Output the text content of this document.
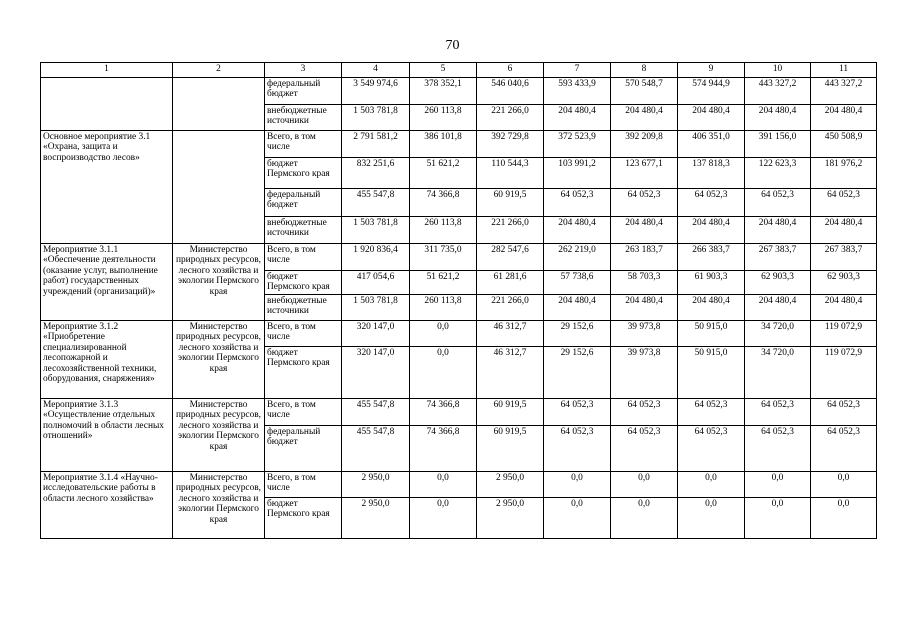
70
1	2	3	4	5	6	7	8	9	10	11
		федеральный бюджет	3 549 974,6	378 352,1	546 040,6	593 433,9	570 548,7	574 944,9	443 327,2	443 327,2
		внебюджетные источники	1 503 781,8	260 113,8	221 266,0	204 480,4	204 480,4	204 480,4	204 480,4	204 480,4
Основное мероприятие 3.1 «Охрана, защита и воспроизводство лесов»		Всего, в том числе	2 791 581,2	386 101,8	392 729,8	372 523,9	392 209,8	406 351,0	391 156,0	450 508,9
		бюджет Пермского края	832 251,6	51 621,2	110 544,3	103 991,2	123 677,1	137 818,3	122 623,3	181 976,2
		федеральный бюджет	455 547,8	74 366,8	60 919,5	64 052,3	64 052,3	64 052,3	64 052,3	64 052,3
		внебюджетные источники	1 503 781,8	260 113,8	221 266,0	204 480,4	204 480,4	204 480,4	204 480,4	204 480,4
Мероприятие 3.1.1 «Обеспечение деятельности (оказание услуг, выполнение работ) государственных учреждений (организаций)»	Министерство природных ресурсов, лесного хозяйства и экологии Пермского края	Всего, в том числе	1 920 836,4	311 735,0	282 547,6	262 219,0	263 183,7	266 383,7	267 383,7	267 383,7
		бюджет Пермского края	417 054,6	51 621,2	61 281,6	57 738,6	58 703,3	61 903,3	62 903,3	62 903,3
		внебюджетные источники	1 503 781,8	260 113,8	221 266,0	204 480,4	204 480,4	204 480,4	204 480,4	204 480,4
Мероприятие 3.1.2 «Приобретение специализированной лесопожарной и лесохозяйственной техники, оборудования, снаряжения»	Министерство природных ресурсов, лесного хозяйства и экологии Пермского края	Всего, в том числе	320 147,0	0,0	46 312,7	29 152,6	39 973,8	50 915,0	34 720,0	119 072,9
		бюджет Пермского края	320 147,0	0,0	46 312,7	29 152,6	39 973,8	50 915,0	34 720,0	119 072,9
Мероприятие 3.1.3 «Осуществление отдельных полномочий в области лесных отношений»	Министерство природных ресурсов, лесного хозяйства и экологии Пермского края	Всего, в том числе	455 547,8	74 366,8	60 919,5	64 052,3	64 052,3	64 052,3	64 052,3	64 052,3
		федеральный бюджет	455 547,8	74 366,8	60 919,5	64 052,3	64 052,3	64 052,3	64 052,3	64 052,3
Мероприятие 3.1.4 «Научно-исследовательские работы в области лесного хозяйства»	Министерство природных ресурсов, лесного хозяйства и экологии Пермского края	Всего, в том числе	2 950,0	0,0	2 950,0	0,0	0,0	0,0	0,0	0,0
		бюджет Пермского края	2 950,0	0,0	2 950,0	0,0	0,0	0,0	0,0	0,0
